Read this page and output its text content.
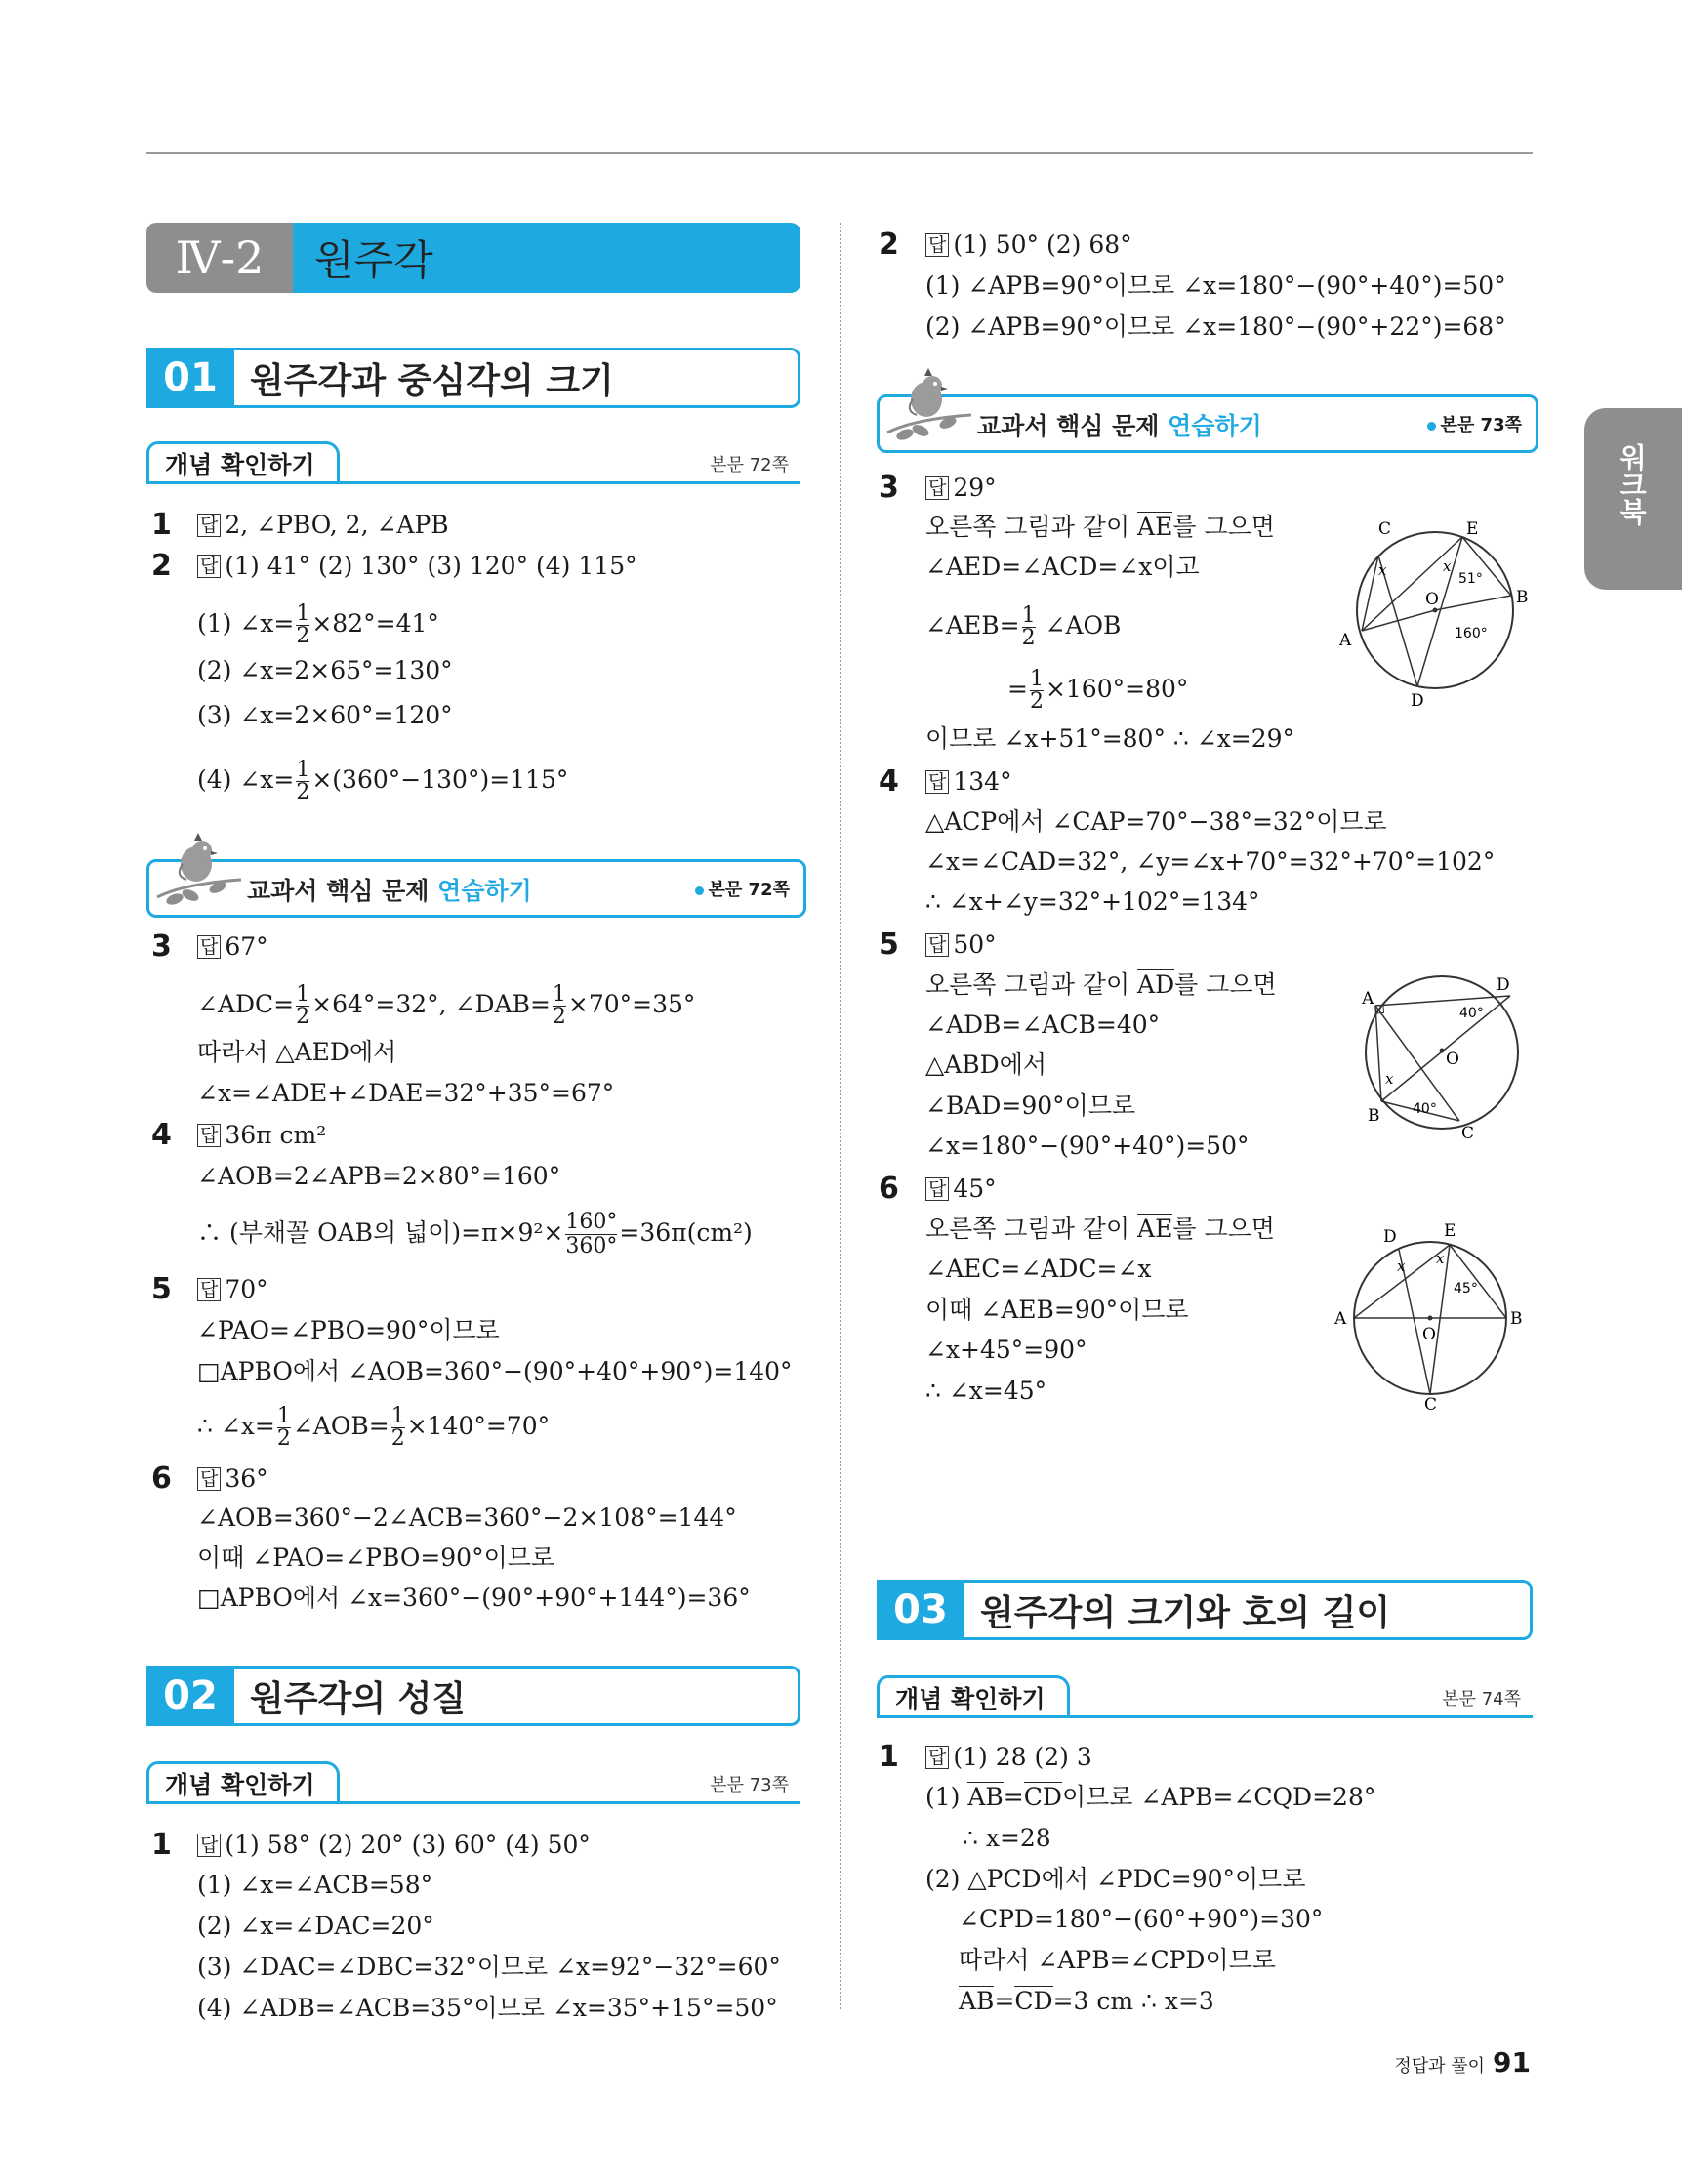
Ⅳ-2	원주각
워크북
01 원주각과 중심각의 크기
개념 확인하기	본문 72쪽
1 답 2, ∠PBO, 2, ∠APB
2 답 (1) 41° (2) 130° (3) 120° (4) 115°
(1) ∠x= $\frac{1}{2} \times 82^\circ=41^\circ$
(2) ∠x=2×65°=130°
(3) ∠x=2×60°=120°
(4) ∠x= $\frac{1}{2} \times(360^\circ-130^\circ)=115^\circ$
교과서 핵심 문제 연습하기	본문 72쪽
3 답 67°
∠ADC= $\frac{1}{2} \times 64^\circ=32^\circ$, ∠DAB= $\frac{1}{2} \times 70^\circ=35^\circ$
따라서 △AED에서
∠x=∠ADE+∠DAE=32°+35°=67°
4 답 36π cm²
∠AOB=2∠APB=2×80°=160°
∴ (부채꼴 OAB의 넓이)$=\pi\times 9^2\times \frac{160^\circ}{360^\circ} =36\pi(cm^2)$
5 답 70°
∠PAO=∠PBO=90°이므로
□APBO에서 ∠AOB=360°−(90°+40°+90°)=140°
∴ ∠x= $\frac{1}{2}$ ∠AOB= $\frac{1}{2} \times 140^\circ=70^\circ$
6 답 36°
∠AOB=360°−2∠ACB=360°−2×108°=144°
이때 ∠PAO=∠PBO=90°이므로
□APBO에서 ∠x=360°−(90°+90°+144°)=36°
02 원주각의 성질
개념 확인하기	본문 73쪽
1 답 (1) 58° (2) 20° (3) 60° (4) 50°
(1) ∠x=∠ACB=58°
(2) ∠x=∠DAC=20°
(3) ∠DAC=∠DBC=32°이므로 ∠x=92°−32°=60°
(4) ∠ADB=∠ACB=35°이므로 ∠x=35°+15°=50°
2 답 (1) 50° (2) 68°
(1) ∠APB=90°이므로 ∠x=180°−(90°+40°)=50°
(2) ∠APB=90°이므로 ∠x=180°−(90°+22°)=68°
교과서 핵심 문제 연습하기	본문 73쪽
3 답 29°
오른쪽 그림과 같이 AE를 그으면
∠AED=∠ACD=∠x이고
∠AEB= $\frac{1}{2}$ ∠AOB
= $\frac{1}{2} \times 160^\circ=80^\circ$
이므로 ∠x+51°=80° ∴ ∠x=29°
C	E
A
B
D
O
x	x
51°
160°
4 답 134°
△ACP에서 ∠CAP=70°−38°=32°이므로
∠x=∠CAD=32°, ∠y=∠x+70°=32°+70°=102°
∴ ∠x+∠y=32°+102°=134°
5 답 50°
오른쪽 그림과 같이 AD를 그으면
∠ADB=∠ACB=40°
△ABD에서
∠BAD=90°이므로
∠x=180°−(90°+40°)=50°
A
D
B
C
O
x
40°
40°
6 답 45°
오른쪽 그림과 같이 AE를 그으면
∠AEC=∠ADC=∠x
이때 ∠AEB=90°이므로
∠x+45°=90°
∴ ∠x=45°
D	E
A	B
O
C
x x
45°
03 원주각의 크기와 호의 길이
개념 확인하기	본문 74쪽
1 답 (1) 28 (2) 3
(1) AB=CD이므로 ∠APB=∠CQD=28°
∴ x=28
(2) △PCD에서 ∠PDC=90°이므로
∠CPD=180°−(60°+90°)=30°
따라서 ∠APB=∠CPD이므로
AB=CD=3 cm ∴ x=3
정답과 풀이 91
